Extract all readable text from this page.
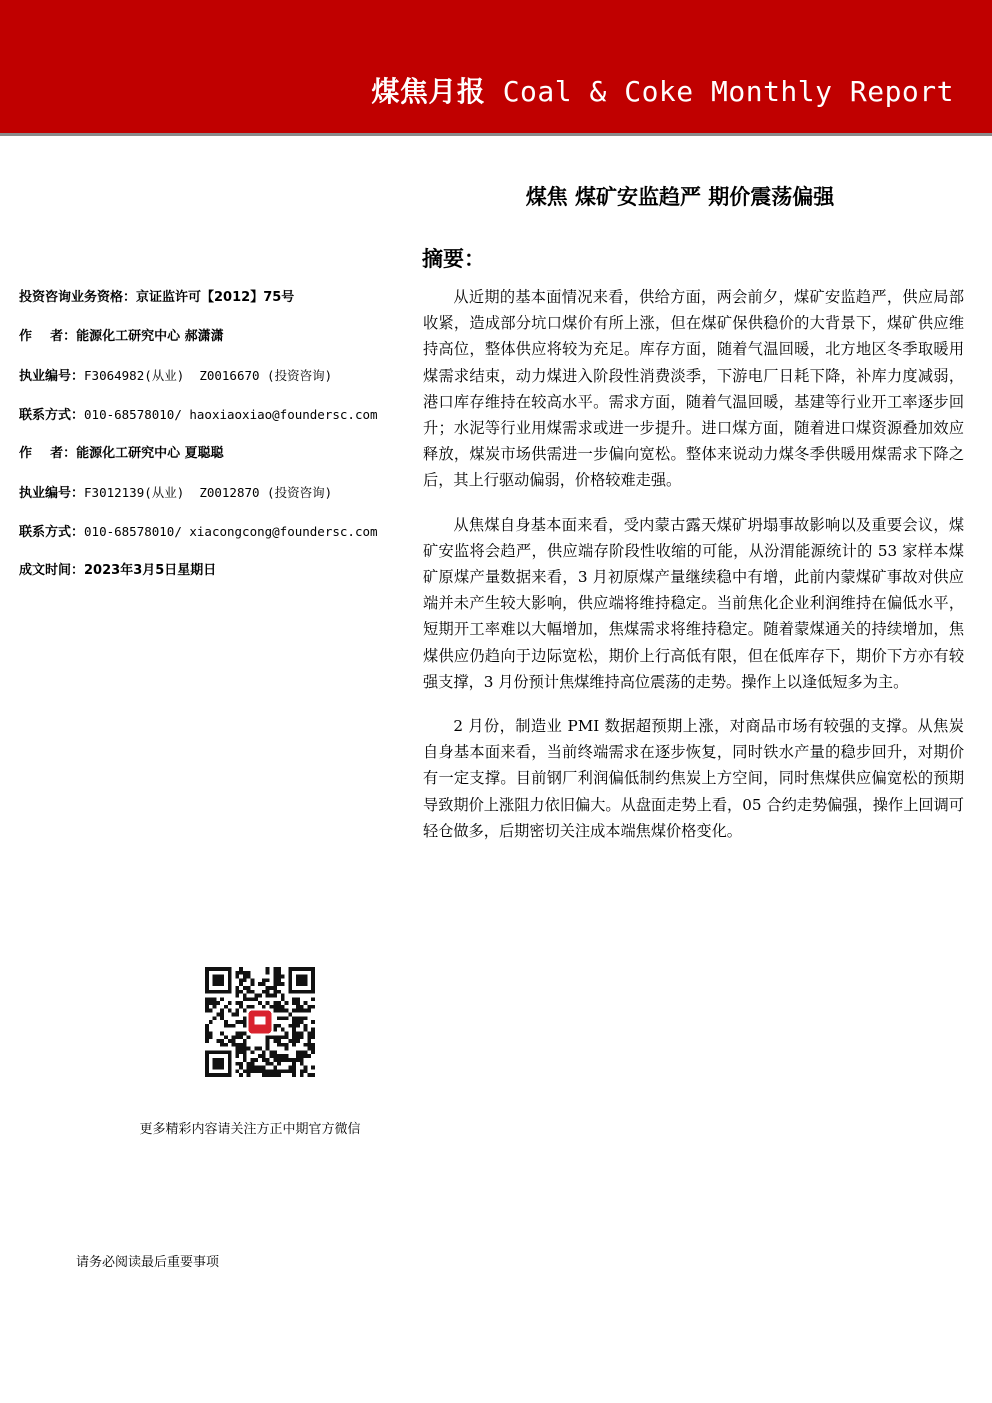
煤焦月报 Coal & Coke Monthly Report
煤焦 煤矿安监趋严 期价震荡偏强
摘要：

从近期的基本面情况来看，供给方面，两会前夕，煤矿安监趋严，供应局部收紧，造成部分坑口煤价有所上涨，但在煤矿保供稳价的大背景下，煤矿供应维持高位，整体供应将较为充足。库存方面，随着气温回暖，北方地区冬季取暖用煤需求结束，动力煤进入阶段性消费淡季，下游电厂日耗下降，补库力度减弱，港口库存维持在较高水平。需求方面，随着气温回暖，基建等行业开工率逐步回升；水泥等行业用煤需求或进一步提升。进口煤方面，随着进口煤资源叠加效应释放，煤炭市场供需进一步偏向宽松。整体来说动力煤冬季供暖用煤需求下降之后，其上行驱动偏弱，价格较难走强。

从焦煤自身基本面来看，受内蒙古露天煤矿坍塌事故影响以及重要会议，煤矿安监将会趋严，供应端存阶段性收缩的可能，从汾渭能源统计的 53 家样本煤矿原煤产量数据来看，3 月初原煤产量继续稳中有增，此前内蒙煤矿事故对供应端并未产生较大影响，供应端将维持稳定。当前焦化企业利润维持在偏低水平，短期开工率难以大幅增加，焦煤需求将维持稳定。随着蒙煤通关的持续增加，焦煤供应仍趋向于边际宽松，期价上行高低有限，但在低库存下，期价下方亦有较强支撑，3 月份预计焦煤维持高位震荡的走势。操作上以逢低短多为主。

2 月份，制造业 PMI 数据超预期上涨，对商品市场有较强的支撑。从焦炭自身基本面来看，当前终端需求在逐步恢复，同时铁水产量的稳步回升，对期价有一定支撑。目前钢厂利润偏低制约焦炭上方空间，同时焦煤供应偏宽松的预期导致期价上涨阻力依旧偏大。从盘面走势上看，05 合约走势偏强，操作上回调可轻仓做多，后期密切关注成本端焦煤价格变化。

投资咨询业务资格：京证监许可【2012】75号
作    者：能源化工研究中心 郝潇潇
执业编号：F3064982(从业)  Z0016670 (投资咨询)
联系方式：010-68578010/ haoxiaoxiao@foundersc.com
作    者：能源化工研究中心 夏聪聪
执业编号：F3012139(从业)  Z0012870 (投资咨询)
联系方式：010-68578010/ xiacongcong@foundersc.com
成文时间：2023年3月5日星期日
更多精彩内容请关注方正中期官方微信
请务必阅读最后重要事项
